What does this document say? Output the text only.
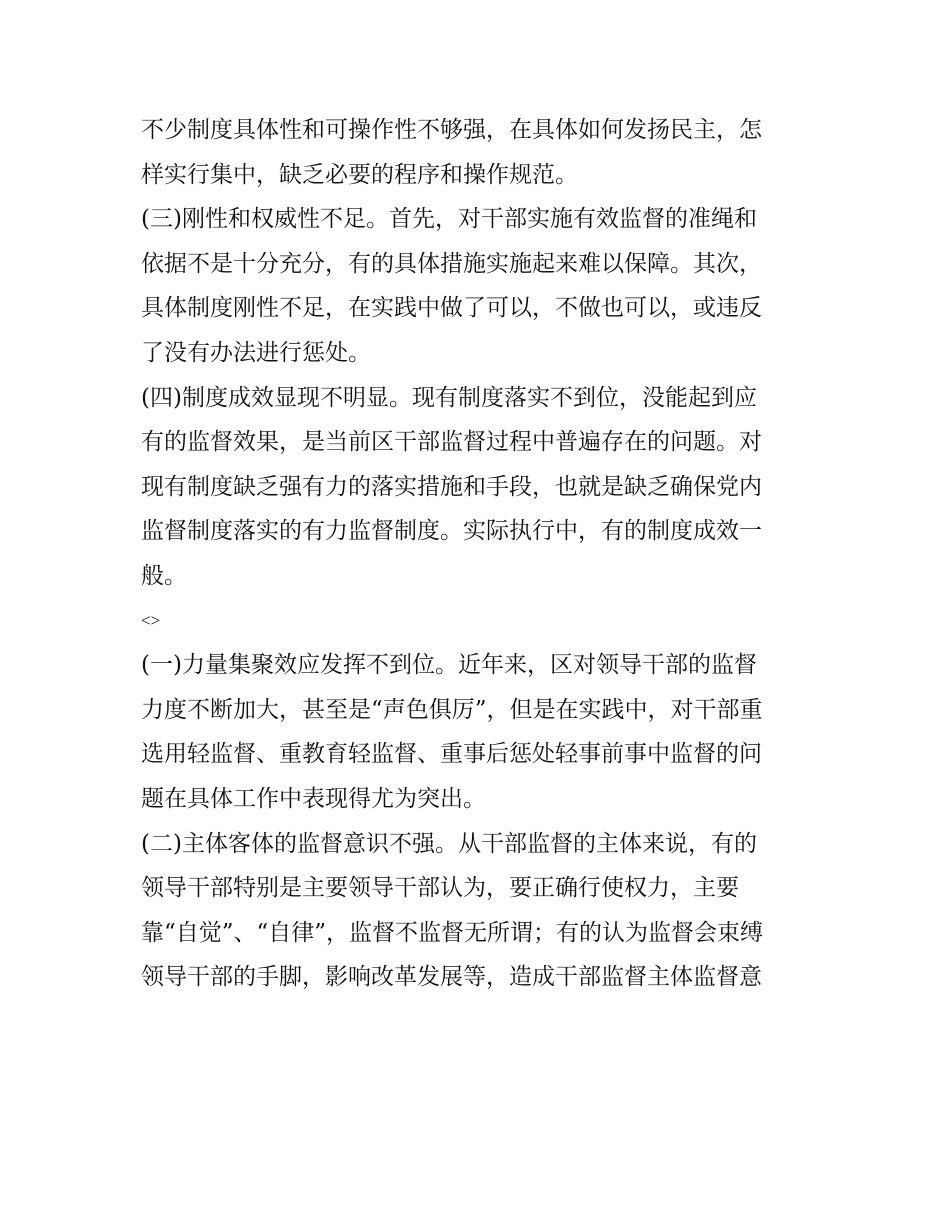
不少制度具体性和可操作性不够强，在具体如何发扬民主，怎
样实行集中，缺乏必要的程序和操作规范。
(三)刚性和权威性不足。首先，对干部实施有效监督的准绳和
依据不是十分充分，有的具体措施实施起来难以保障。其次，
具体制度刚性不足，在实践中做了可以，不做也可以，或违反
了没有办法进行惩处。
(四)制度成效显现不明显。现有制度落实不到位，没能起到应
有的监督效果，是当前区干部监督过程中普遍存在的问题。对
现有制度缺乏强有力的落实措施和手段，也就是缺乏确保党内
监督制度落实的有力监督制度。实际执行中，有的制度成效一
般。
<>
(一)力量集聚效应发挥不到位。近年来，区对领导干部的监督
力度不断加大，甚至是“声色俱厉”，但是在实践中，对干部重
选用轻监督、重教育轻监督、重事后惩处轻事前事中监督的问
题在具体工作中表现得尤为突出。
(二)主体客体的监督意识不强。从干部监督的主体来说，有的
领导干部特别是主要领导干部认为，要正确行使权力，主要
靠“自觉”、“自律”，监督不监督无所谓；有的认为监督会束缚
领导干部的手脚，影响改革发展等，造成干部监督主体监督意
